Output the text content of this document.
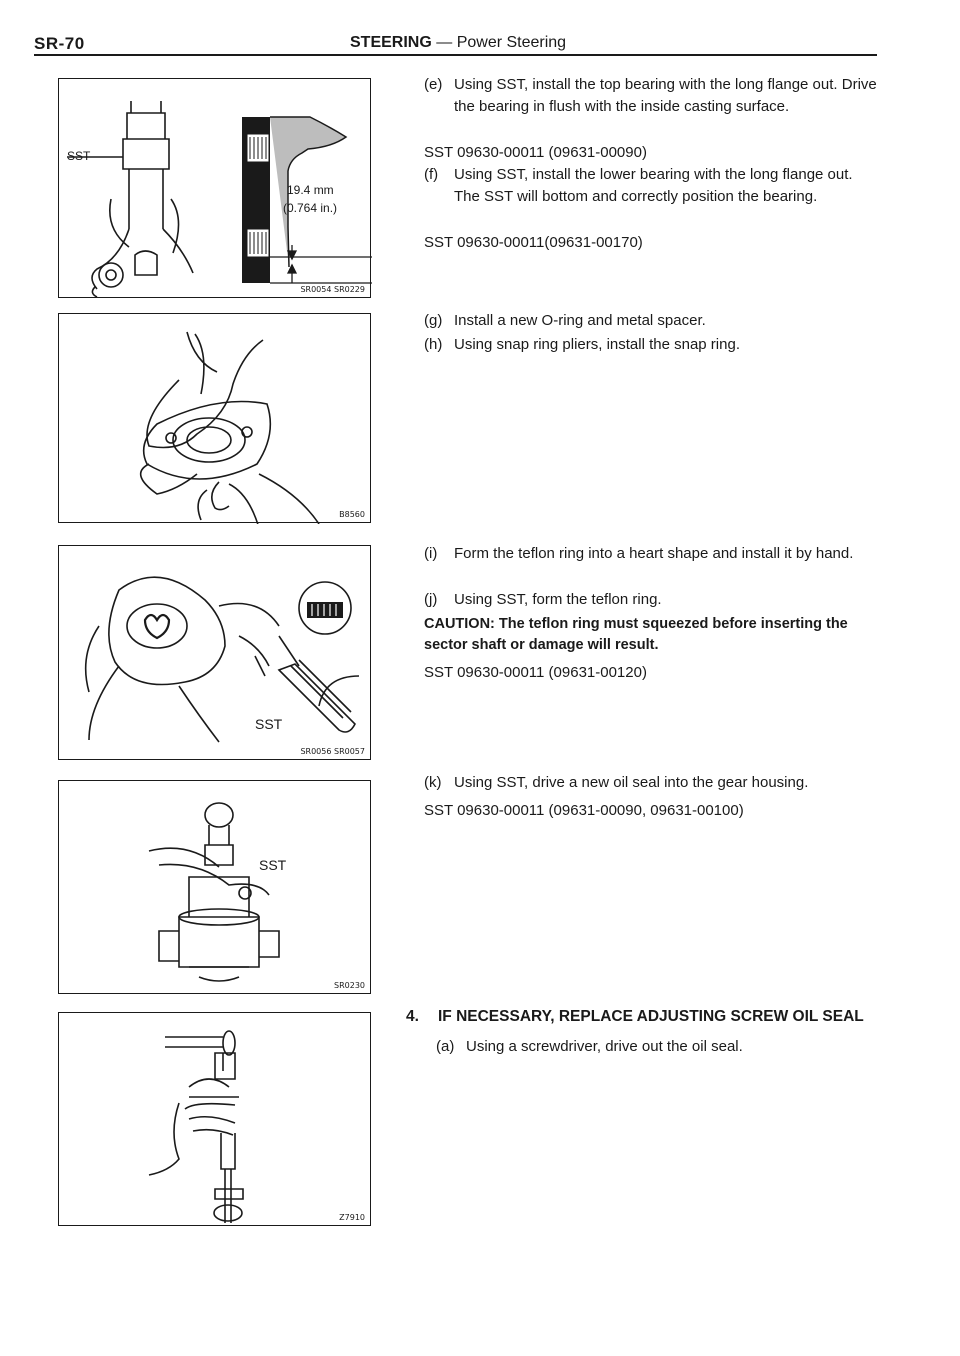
SR-70	STEERING — Power Steering
SST
19.4 mm
(0.764 in.)
SR0054 SR0229
B8560
SST
SR0056 SR0057
SST
SR0230
Z7910
(e) Using SST, install the top bearing with the long flange out. Drive the bearing in flush with the inside casting surface.
SST 09630-00011 (09631-00090)
(f) Using SST, install the lower bearing with the long flange out. The SST will bottom and correctly position the bearing.
SST 09630-00011(09631-00170)
(g) Install a new O-ring and metal spacer.
(h) Using snap ring pliers, install the snap ring.
(i) Form the teflon ring into a heart shape and install it by hand.
(j) Using SST, form the teflon ring.
CAUTION: The teflon ring must squeezed before inserting the sector shaft or damage will result.
SST 09630-00011 (09631-00120)
(k) Using SST, drive a new oil seal into the gear housing.
SST 09630-00011 (09631-00090, 09631-00100)
4. IF NECESSARY, REPLACE ADJUSTING SCREW OIL SEAL
(a) Using a screwdriver, drive out the oil seal.
